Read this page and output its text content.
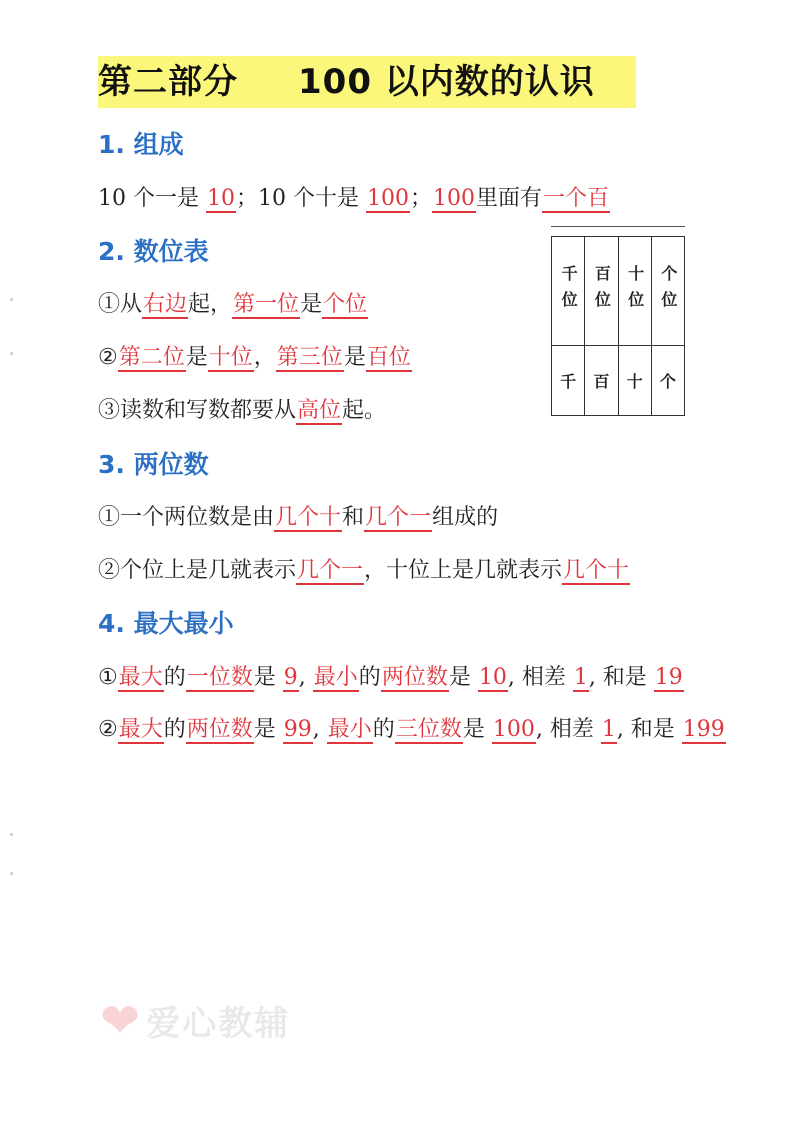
第二部分 100 以内数的认识
1. 组成
10 个一是 10；10 个十是 100；100里面有一个百
2. 数位表
①从右边起，第一位是个位
②第二位是十位，第三位是百位
③读数和写数都要从高位起。
千位 百位 十位 个位
千	百	十	个
3. 两位数
①一个两位数是由几个十和几个一组成的
②个位上是几就表示几个一，十位上是几就表示几个十
4. 最大最小
①最大的一位数是 9, 最小的两位数是 10, 相差 1, 和是 19
②最大的两位数是 99, 最小的三位数是 100, 相差 1, 和是 199
❤ 爱心教辅
